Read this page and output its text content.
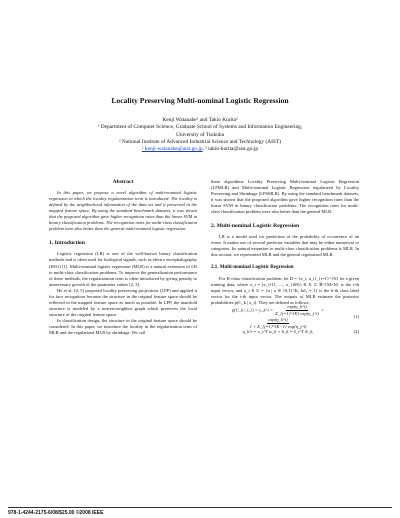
Locality Preserving Multi-nominal Logistic Regression
Kenji Watanabe¹ and Takio Kurita²
¹ Department of Computer Science, Graduate School of Systems and Information Engineering,
University of Tsukuba
² National Institute of Advanced Industrial Science and Technology (AIST)
¹ kenji-watanabe@aist.go.jp, ² takio-kurita@aist.go.jp
Abstract

In this paper, we propose a novel algorithm of multi-nominal logistic regression in which the locality regularization term is introduced. The locality is defined by the neighborhood information of the data set and it preserved in the mapped feature space. By using the standard benchmark datasets, it was shown that the proposed algorithm gave higher recognition rates than the linear SVM in binary classification problems. The recognition rates for multi-class classification problem were also better than the general multi-nominal logistic regression.

1. Introduction

Logistic regression (LR) is one of the well-known binary classification methods and is often used for biological signals, such as electro encephalography (EEG) [1]. Multi-nominal logistic regression (MLR) is a natural extension of LR to multi-class classification problems. To improve the generalization performance of these methods, the regularization term is often introduced by giving penalty to unnecessary growth of the parameter values [2, 3].

He et al. [4, 5] proposed locality preserving projections (LPP) and applied it for face recognition because the structure in the original feature space should be reflected in the mapped feature space as much as possible. In LPP, the manifold structure is modeled by a nearest-neighbor graph which preserves the local structure of the original feature space.

In classification design, the structure in the original feature space should be considered. In this paper, we introduce the locality in the regularization term of MLR and the regularized MLR by shrinkage. We call

these algorithms Locality Preserving Multi-nominal Logistic Regression (LPMLR) and Multi-nominal Logistic Regression regularized by Locality Preserving and Shrinkage (LPSMLR). By using the standard benchmark datasets, it was shown that the proposed algorithm gave higher recognition rates than the linear SVM in binary classification problems. The recognition rates for multi-class classification problem were also better than the general MLR.

2. Multi-nominal Logistic Regression

LR is a model used for prediction of the probability of occurrence of an event. It makes use of several predictor variables that may be either numerical or categories. Its natural extension to multi-class classification problems is MLR. In this section, we represented MLR and the general regularized MLR.

2.1. Multi-nominal Logistic Regression

For K-class classification problem, let D = {x_i, u_i}_{i=1}^{N} be a given training data, where x_i = (x_{i1}, …, x_{iM}) ∈ X ⊂ ℜ^{M×N} is the i-th input vector, and u_i ∈ U = {u | u ∈ {0,1}^K, ‖u‖₁ = 1} is the k-th class label vector for the i-th input vector. The outputs of MLR estimate the posterior probabilities p(C_k | x_i). They are defined as follows,

p(C_k | x_i) = y_k^i = $\frac{\exp(\eta\_k\^{}i)}{\Sigma\_\{j=1\}\^{}\{K\} \exp(\eta\_j\^{}i)}$ =
$\frac{\exp(\eta\_k\^{}i)}{1 + \Sigma\_\{j=1\}\^{}\{K-1\} \exp(\eta\_j\^{}i)}$
(1)
η_k^i = x_i^T w_k + b_k = x̃_i^T w̃_k,	(2)
978-1-4244-2175-6/08/$25.00 ©2008 IEEE
